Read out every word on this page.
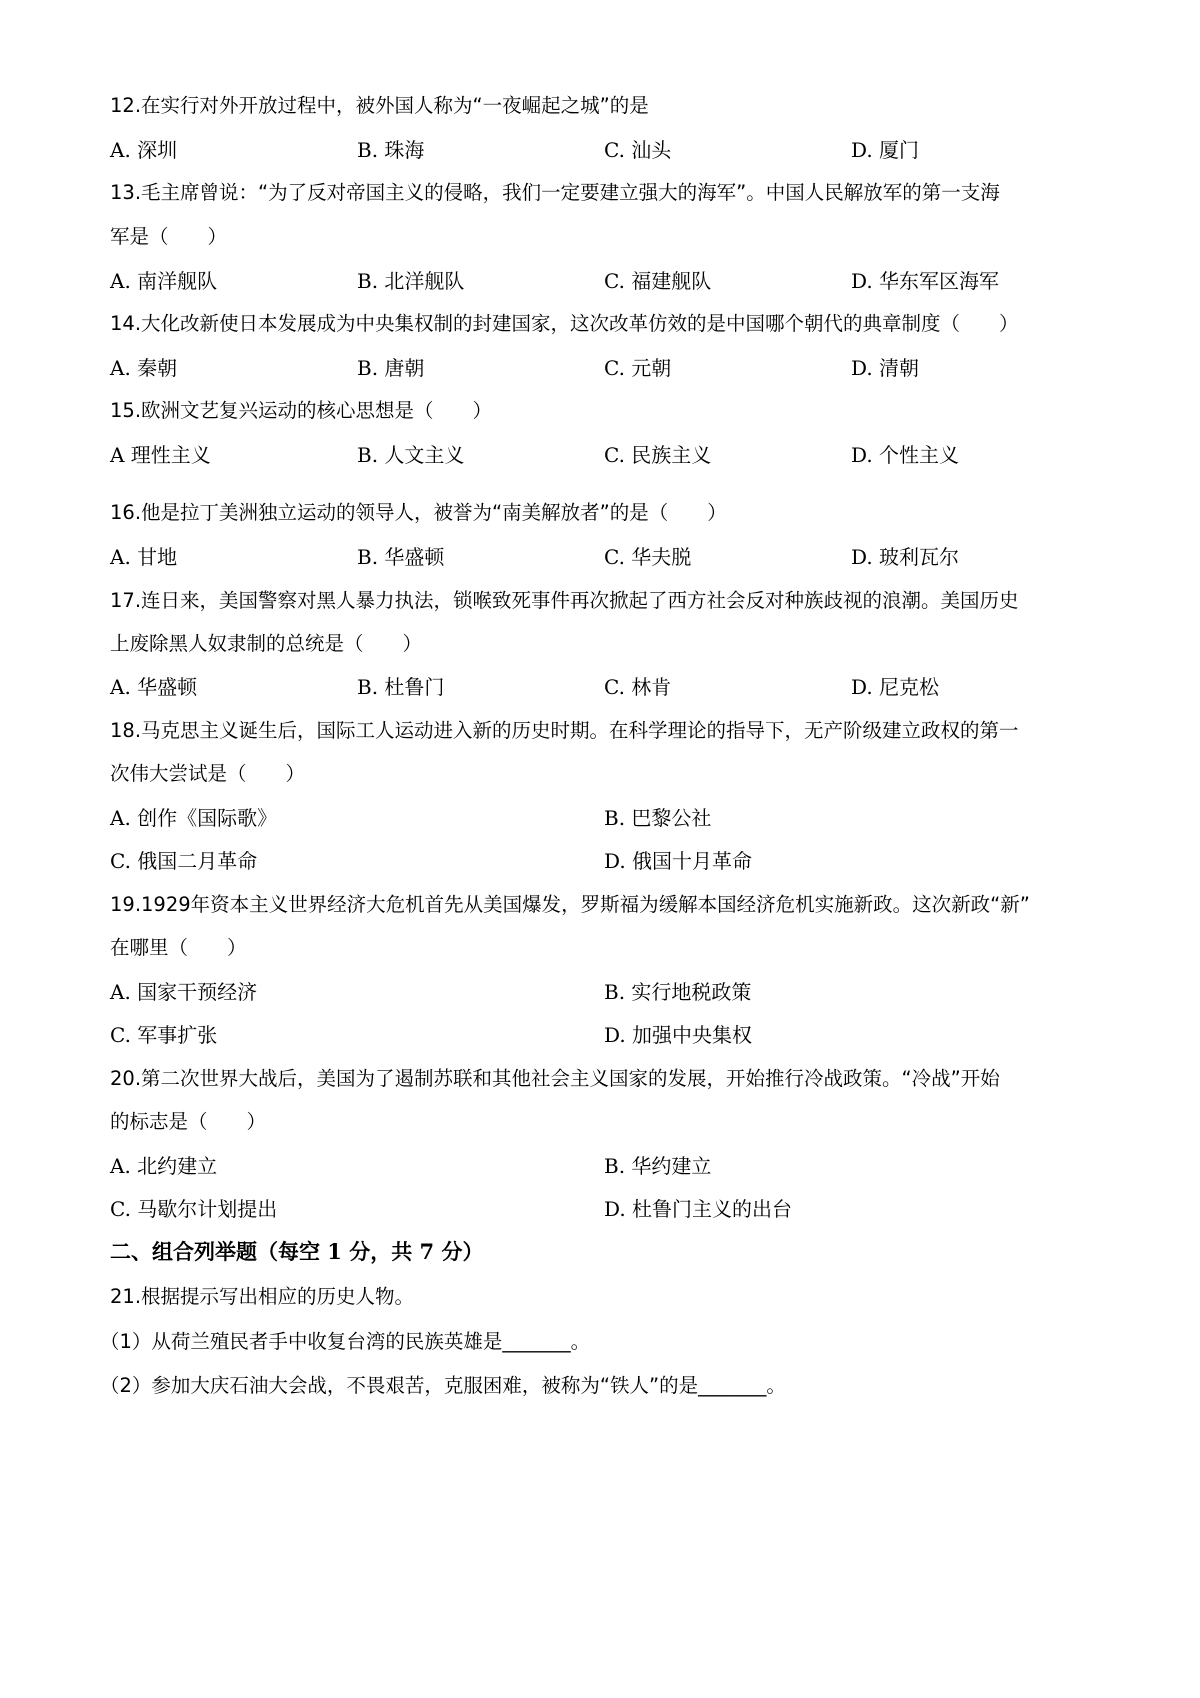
12.在实行对外开放过程中，被外国人称为“一夜崛起之城”的是
A. 深圳	B. 珠海	C. 汕头	D. 厦门
13.毛主席曾说：“为了反对帝国主义的侵略，我们一定要建立强大的海军”。中国人民解放军的第一支海
军是（　　）
A. 南洋舰队	B. 北洋舰队	C. 福建舰队	D. 华东军区海军
14.大化改新使日本发展成为中央集权制的封建国家，这次改革仿效的是中国哪个朝代的典章制度（　　）
A. 秦朝	B. 唐朝	C. 元朝	D. 清朝
15.欧洲文艺复兴运动的核心思想是（　　）
A 理性主义	B. 人文主义	C. 民族主义	D. 个性主义
16.他是拉丁美洲独立运动的领导人，被誉为“南美解放者”的是（　　）
A. 甘地	B. 华盛顿	C. 华夫脱	D. 玻利瓦尔
17.连日来，美国警察对黑人暴力执法，锁喉致死事件再次掀起了西方社会反对种族歧视的浪潮。美国历史
上废除黑人奴隶制的总统是（　　）
A. 华盛顿	B. 杜鲁门	C. 林肯	D. 尼克松
18.马克思主义诞生后，国际工人运动进入新的历史时期。在科学理论的指导下，无产阶级建立政权的第一
次伟大尝试是（　　）
A. 创作《国际歌》	B. 巴黎公社
C. 俄国二月革命	D. 俄国十月革命
19.1929年资本主义世界经济大危机首先从美国爆发，罗斯福为缓解本国经济危机实施新政。这次新政“新”
在哪里（　　）
A. 国家干预经济	B. 实行地税政策
C. 军事扩张	D. 加强中央集权
20.第二次世界大战后，美国为了遏制苏联和其他社会主义国家的发展，开始推行冷战政策。“冷战”开始
的标志是（　　）
A. 北约建立	B. 华约建立
C. 马歇尔计划提出	D. 杜鲁门主义的出台
二、组合列举题（每空 1 分，共 7 分）
21.根据提示写出相应的历史人物。
（1）从荷兰殖民者手中收复台湾的民族英雄是_______。
（2）参加大庆石油大会战，不畏艰苦，克服困难，被称为“铁人”的是_______。
